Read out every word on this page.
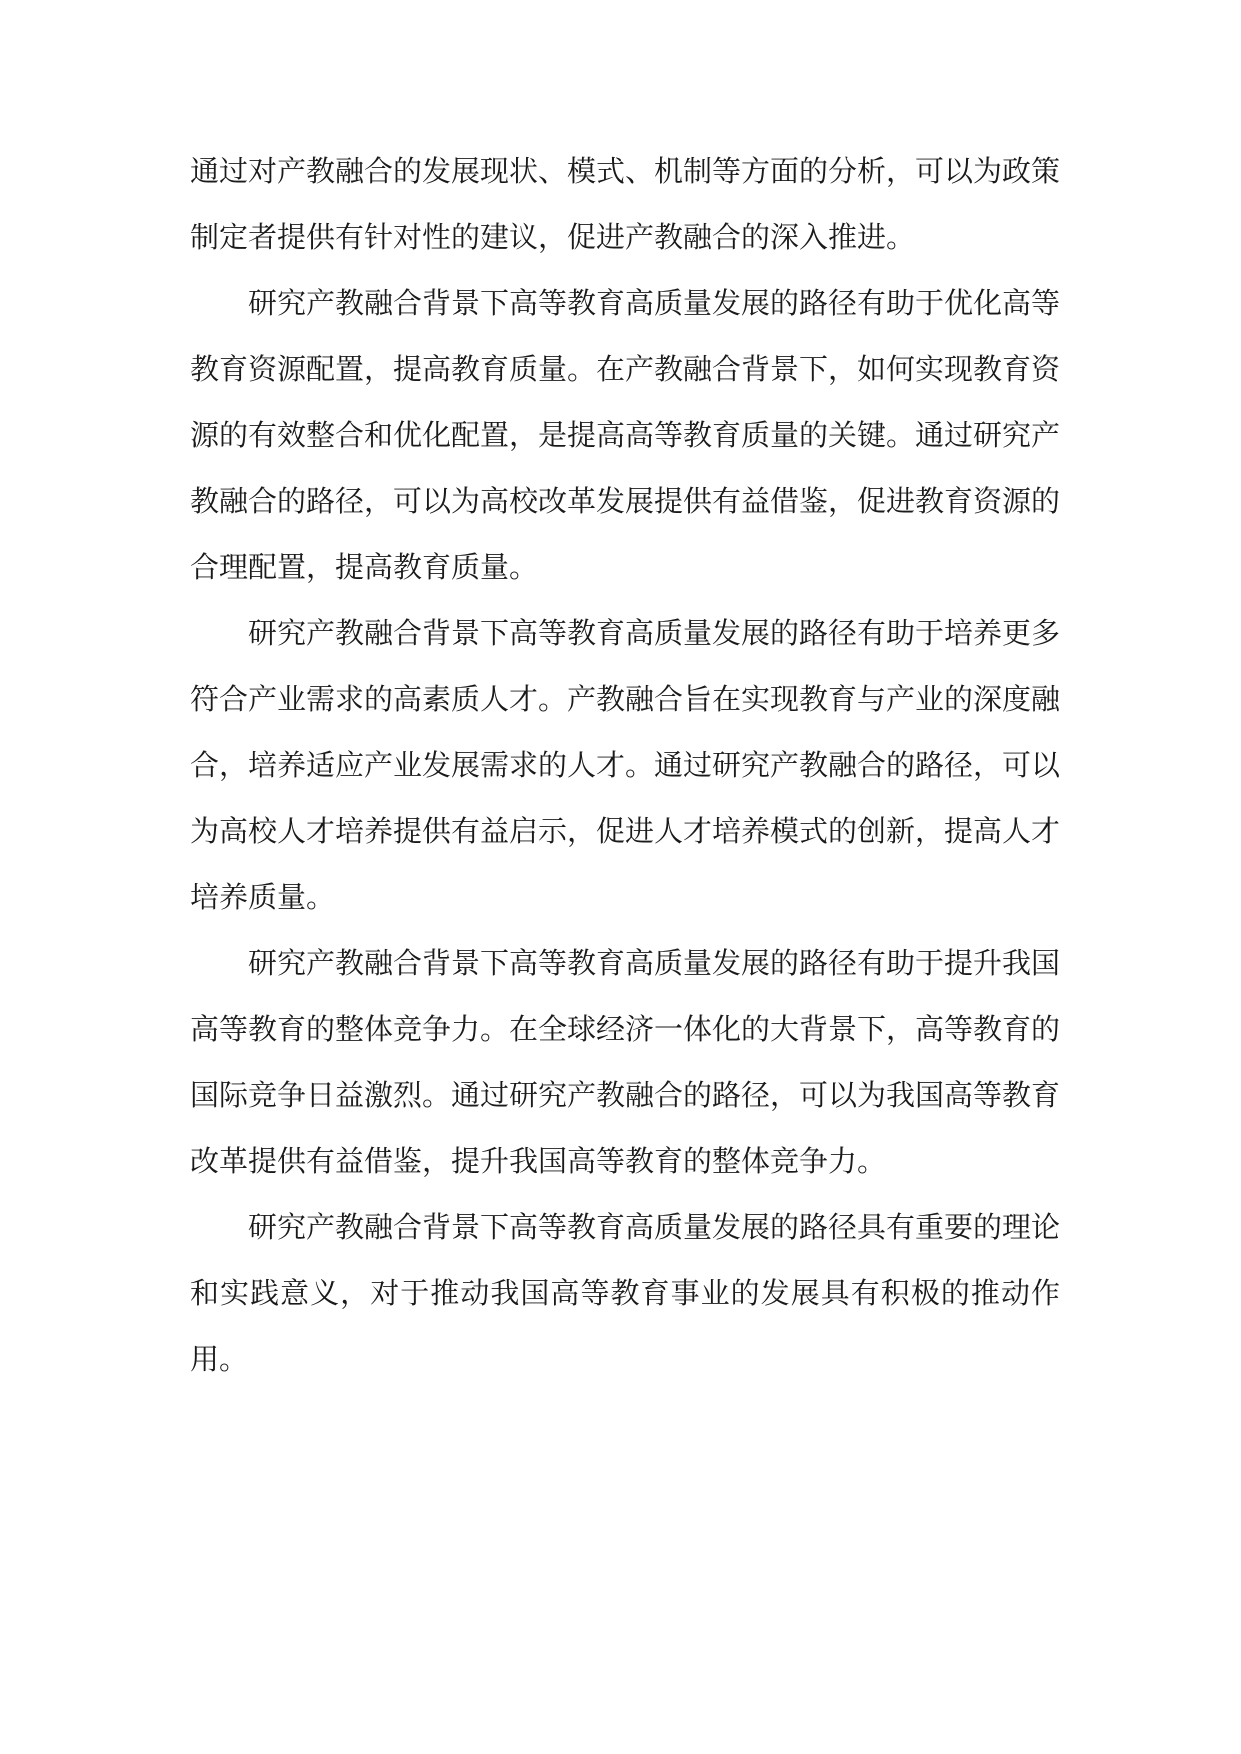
通过对产教融合的发展现状、模式、机制等方面的分析，可以为政策制定者提供有针对性的建议，促进产教融合的深入推进。

研究产教融合背景下高等教育高质量发展的路径有助于优化高等教育资源配置，提高教育质量。在产教融合背景下，如何实现教育资源的有效整合和优化配置，是提高高等教育质量的关键。通过研究产教融合的路径，可以为高校改革发展提供有益借鉴，促进教育资源的合理配置，提高教育质量。

研究产教融合背景下高等教育高质量发展的路径有助于培养更多符合产业需求的高素质人才。产教融合旨在实现教育与产业的深度融合，培养适应产业发展需求的人才。通过研究产教融合的路径，可以为高校人才培养提供有益启示，促进人才培养模式的创新，提高人才培养质量。

研究产教融合背景下高等教育高质量发展的路径有助于提升我国高等教育的整体竞争力。在全球经济一体化的大背景下，高等教育的国际竞争日益激烈。通过研究产教融合的路径，可以为我国高等教育改革提供有益借鉴，提升我国高等教育的整体竞争力。

研究产教融合背景下高等教育高质量发展的路径具有重要的理论和实践意义，对于推动我国高等教育事业的发展具有积极的推动作用。
